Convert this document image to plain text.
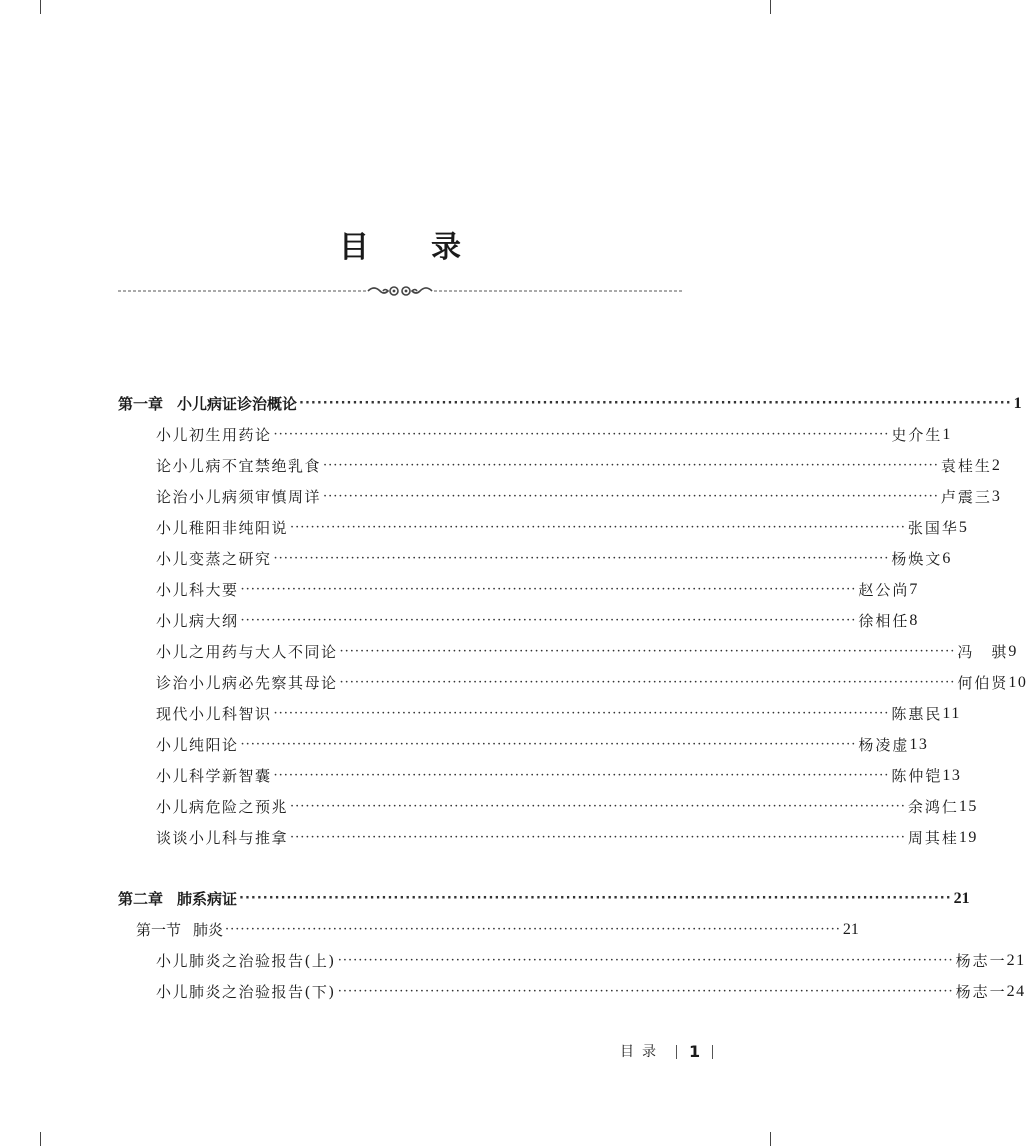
目 录
第一章 小儿病证诊治概论 ························································································································ 1
小儿初生用药论 ························································································································ 史介生 1
论小儿病不宜禁绝乳食 ························································································································ 袁桂生 2
论治小儿病须审慎周详 ························································································································ 卢震三 3
小儿稚阳非纯阳说 ························································································································ 张国华 5
小儿变蒸之研究 ························································································································ 杨焕文 6
小儿科大要 ························································································································ 赵公尚 7
小儿病大纲 ························································································································ 徐相任 8
小儿之用药与大人不同论 ························································································································ 冯　骐 9
诊治小儿病必先察其母论 ························································································································ 何伯贤 10
现代小儿科智识 ························································································································ 陈惠民 11
小儿纯阳论 ························································································································ 杨凌虚 13
小儿科学新智囊 ························································································································ 陈仲铠 13
小儿病危险之预兆 ························································································································ 余鸿仁 15
谈谈小儿科与推拿 ························································································································ 周其桂 19
第二章 肺系病证 ························································································································ 21
第一节 肺炎 ························································································································ 21
小儿肺炎之治验报告(上) ························································································································ 杨志一 21
小儿肺炎之治验报告(下) ························································································································ 杨志一 24
目录 1
